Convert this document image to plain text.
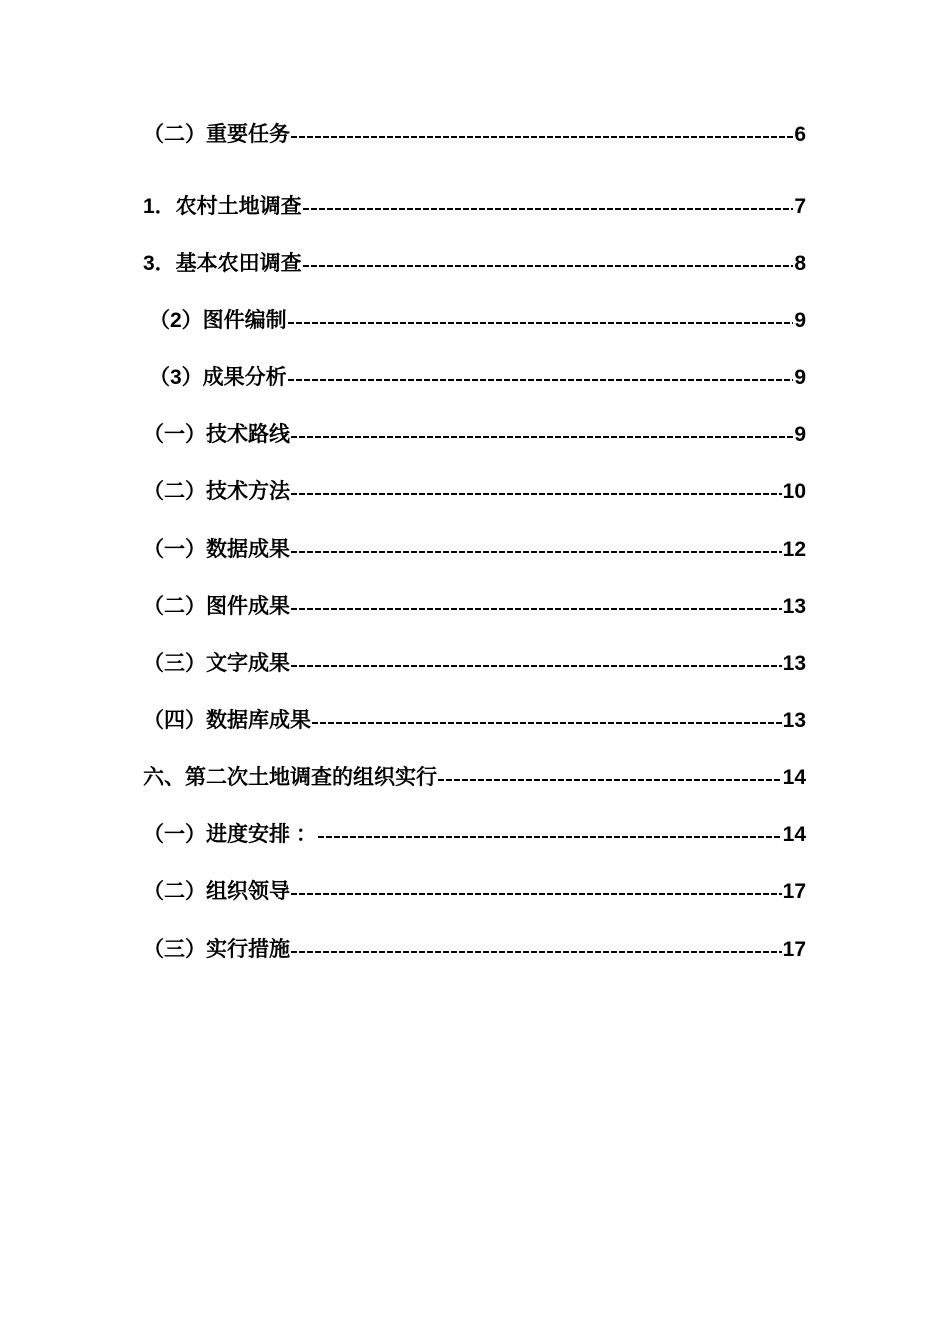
（二）重要任务	6
1．农村土地调查	7
3．基本农田调查	8
（2）图件编制	9
（3）成果分析	9
（一）技术路线	9
（二）技术方法	10
（一）数据成果	12
（二）图件成果	13
（三）文字成果	13
（四）数据库成果	13
六、第二次土地调查的组织实行	14
（一）进度安排 ：	14
（二）组织领导	17
（三）实行措施	17
